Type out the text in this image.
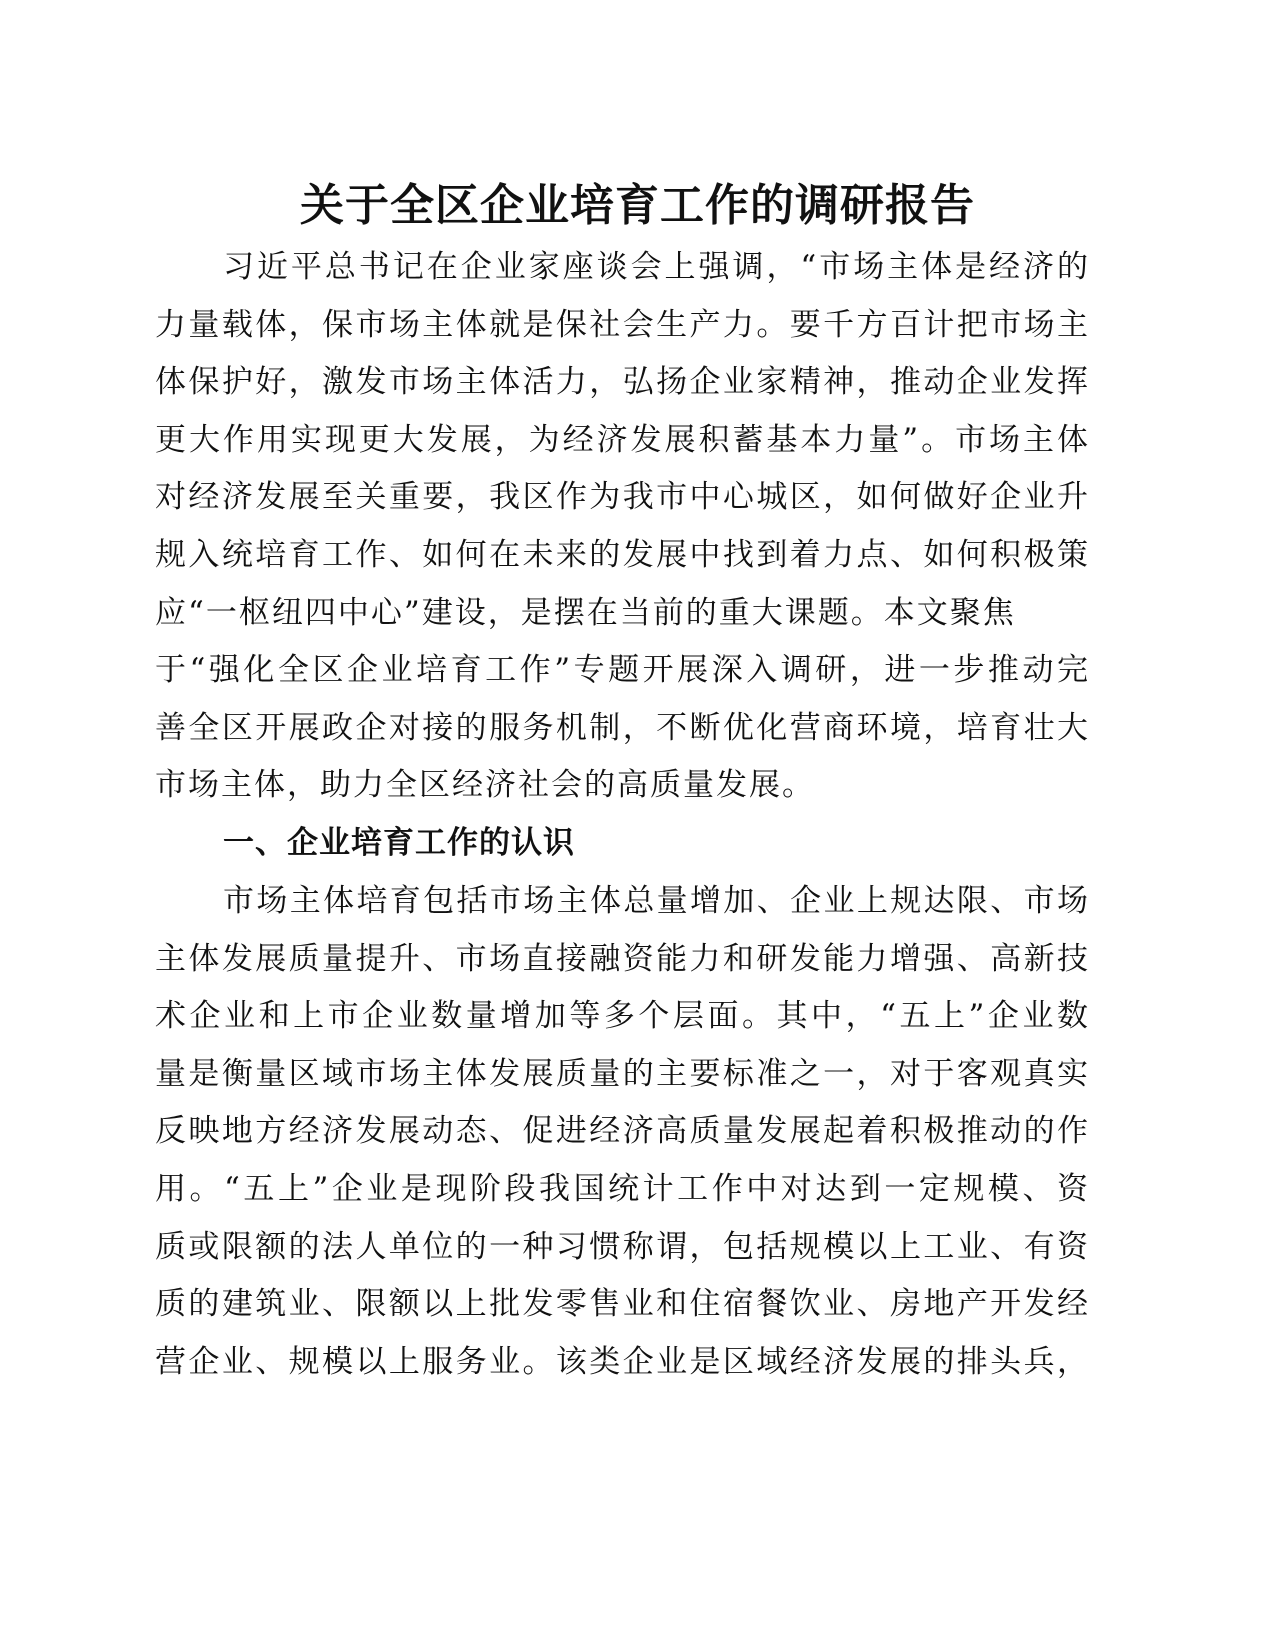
关于全区企业培育工作的调研报告
习近平总书记在企业家座谈会上强调，“市场主体是经济的
力量载体，保市场主体就是保社会生产力。要千方百计把市场主
体保护好，激发市场主体活力，弘扬企业家精神，推动企业发挥
更大作用实现更大发展，为经济发展积蓄基本力量”。市场主体
对经济发展至关重要，我区作为我市中心城区，如何做好企业升
规入统培育工作、如何在未来的发展中找到着力点、如何积极策
应“一枢纽四中心”建设，是摆在当前的重大课题。本文聚焦
于“强化全区企业培育工作”专题开展深入调研，进一步推动完
善全区开展政企对接的服务机制，不断优化营商环境，培育壮大
市场主体，助力全区经济社会的高质量发展。
一、企业培育工作的认识
市场主体培育包括市场主体总量增加、企业上规达限、市场
主体发展质量提升、市场直接融资能力和研发能力增强、高新技
术企业和上市企业数量增加等多个层面。其中，“五上”企业数
量是衡量区域市场主体发展质量的主要标准之一，对于客观真实
反映地方经济发展动态、促进经济高质量发展起着积极推动的作
用。“五上”企业是现阶段我国统计工作中对达到一定规模、资
质或限额的法人单位的一种习惯称谓，包括规模以上工业、有资
质的建筑业、限额以上批发零售业和住宿餐饮业、房地产开发经
营企业、规模以上服务业。该类企业是区域经济发展的排头兵，
